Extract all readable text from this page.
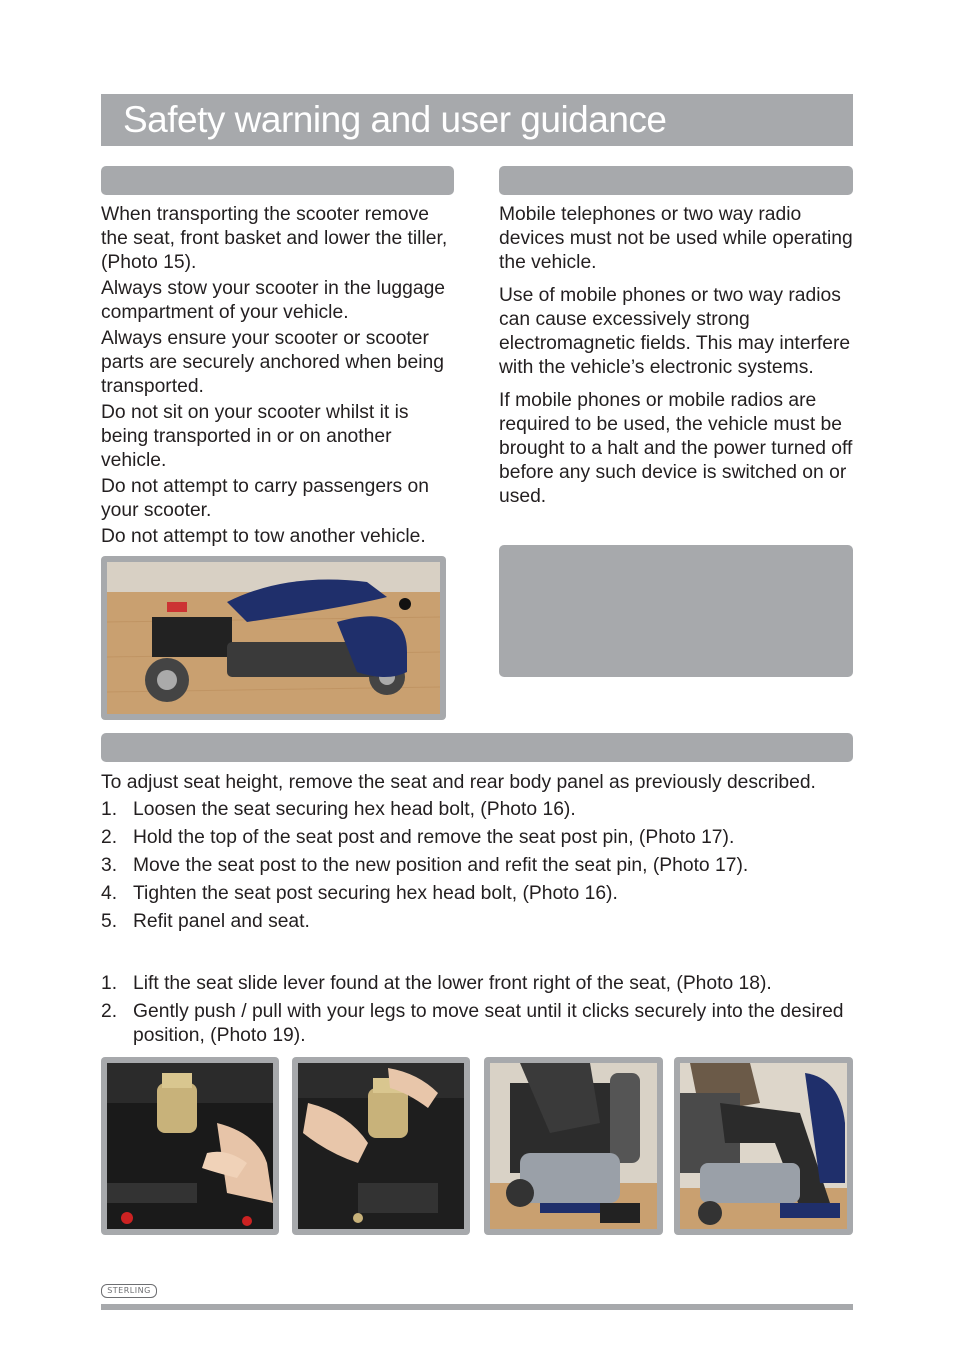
Safety warning and user guidance

When transporting the scooter remove the seat, front basket and lower the tiller, (Photo 15).

Always stow your scooter in the luggage compartment of your vehicle.

Always ensure your scooter or scooter parts are securely anchored when being transported.

Do not sit on your scooter whilst it is being transported in or on another vehicle.

Do not attempt to carry passengers on your scooter.

Do not attempt to tow another vehicle.

Mobile telephones or two way radio devices must not be used while operating the vehicle.

Use of mobile phones or two way radios can cause excessively strong electromagnetic fields. This may interfere with the vehicle’s electronic systems.

If mobile phones or mobile radios are required to be used, the vehicle must be brought to a halt and the power turned off before any such device is switched on or used.

To adjust seat height, remove the seat and rear body panel as previously described.
1. Loosen the seat securing hex head bolt, (Photo 16).
2. Hold the top of the seat post and remove the seat post pin, (Photo 17).
3. Move the seat post to the new position and refit the seat pin, (Photo 17).
4. Tighten the seat post securing hex head bolt, (Photo 16).
5. Refit panel and seat.
1. Lift the seat slide lever found at the lower front right of the seat, (Photo 18).
2. Gently push / pull with your legs to move seat until it clicks securely into the desired position, (Photo 19).
STERLING
